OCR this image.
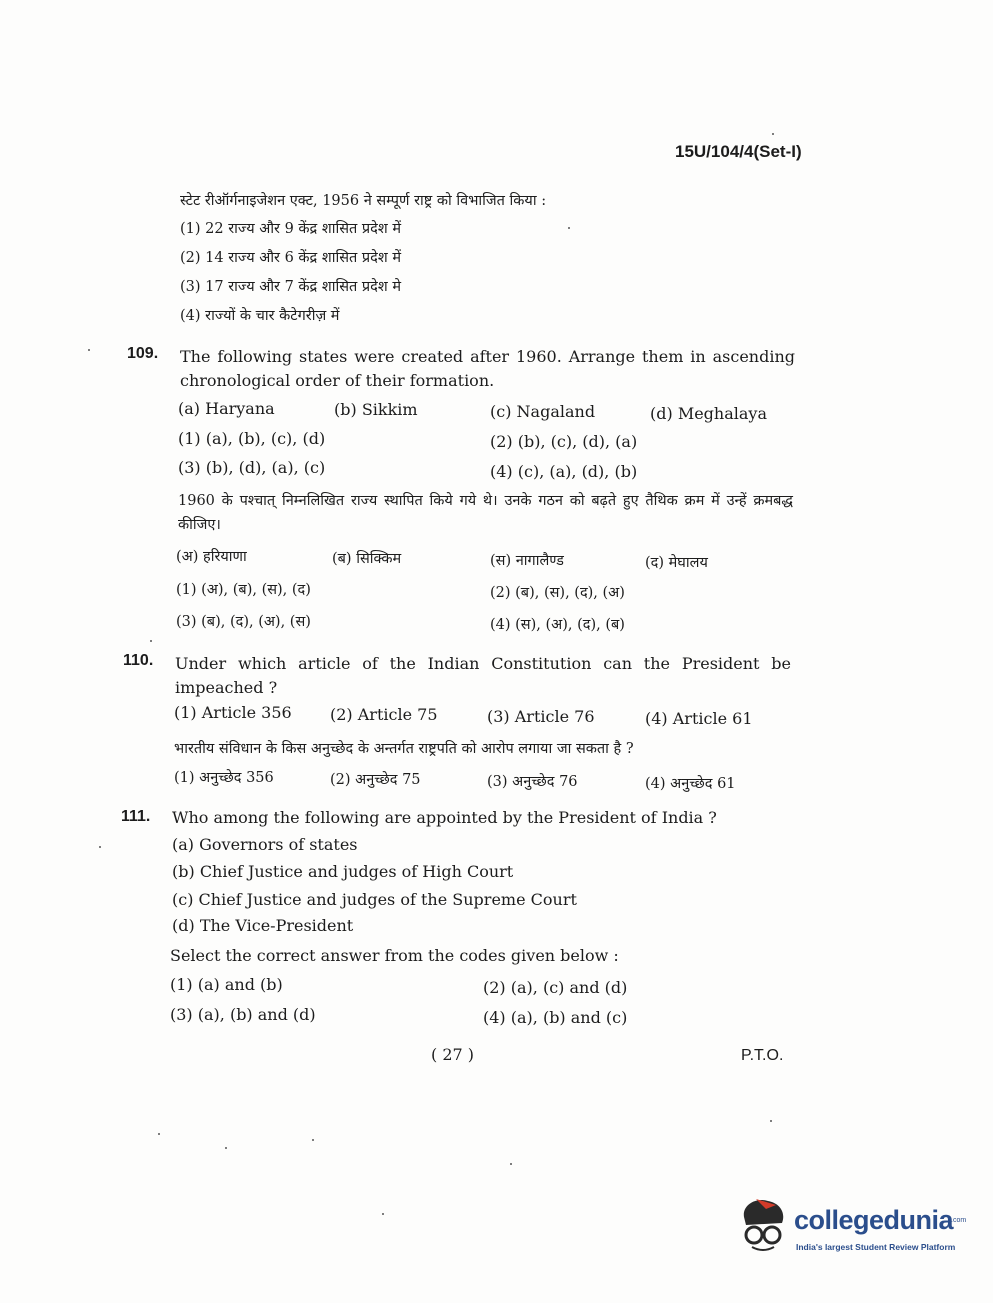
15U/104/4(Set-I)
स्टेट रीऑर्गनाइजेशन एक्ट, 1956 ने सम्पूर्ण राष्ट्र को विभाजित किया :
(1) 22 राज्य और 9 केंद्र शासित प्रदेश में
(2) 14 राज्य और 6 केंद्र शासित प्रदेश में
(3) 17 राज्य और 7 केंद्र शासित प्रदेश मे
(4) राज्यों के चार कैटेगरीज़ में
109. The following states were created after 1960. Arrange them in ascending chronological order of their formation.
(a) Haryana	(b) Sikkim	(c) Nagaland	(d) Meghalaya
(1) (a), (b), (c), (d)	(2) (b), (c), (d), (a)
(3) (b), (d), (a), (c)	(4) (c), (a), (d), (b)
1960 के पश्चात् निम्नलिखित राज्य स्थापित किये गये थे। उनके गठन को बढ़ते हुए तैथिक क्रम में उन्हें क्रमबद्ध कीजिए।
(अ) हरियाणा	(ब) सिक्किम	(स) नागालैण्ड	(द) मेघालय
(1) (अ), (ब), (स), (द)	(2) (ब), (स), (द), (अ)
(3) (ब), (द), (अ), (स)	(4) (स), (अ), (द), (ब)
110. Under which article of the Indian Constitution can the President be impeached ?
(1) Article 356 (2) Article 75	(3) Article 76	(4) Article 61
भारतीय संविधान के किस अनुच्छेद के अन्तर्गत राष्ट्रपति को आरोप लगाया जा सकता है ?
(1) अनुच्छेद 356	(2) अनुच्छेद 75	(3) अनुच्छेद 76	(4) अनुच्छेद 61
111. Who among the following are appointed by the President of India ?
(a) Governors of states
(b) Chief Justice and judges of High Court
(c) Chief Justice and judges of the Supreme Court
(d) The Vice-President
Select the correct answer from the codes given below :
(1) (a) and (b)	(2) (a), (c) and (d)
(3) (a), (b) and (d)	(4) (a), (b) and (c)
( 27 )	P.T.O.
collegedunia
.com
India's largest Student Review Platform
